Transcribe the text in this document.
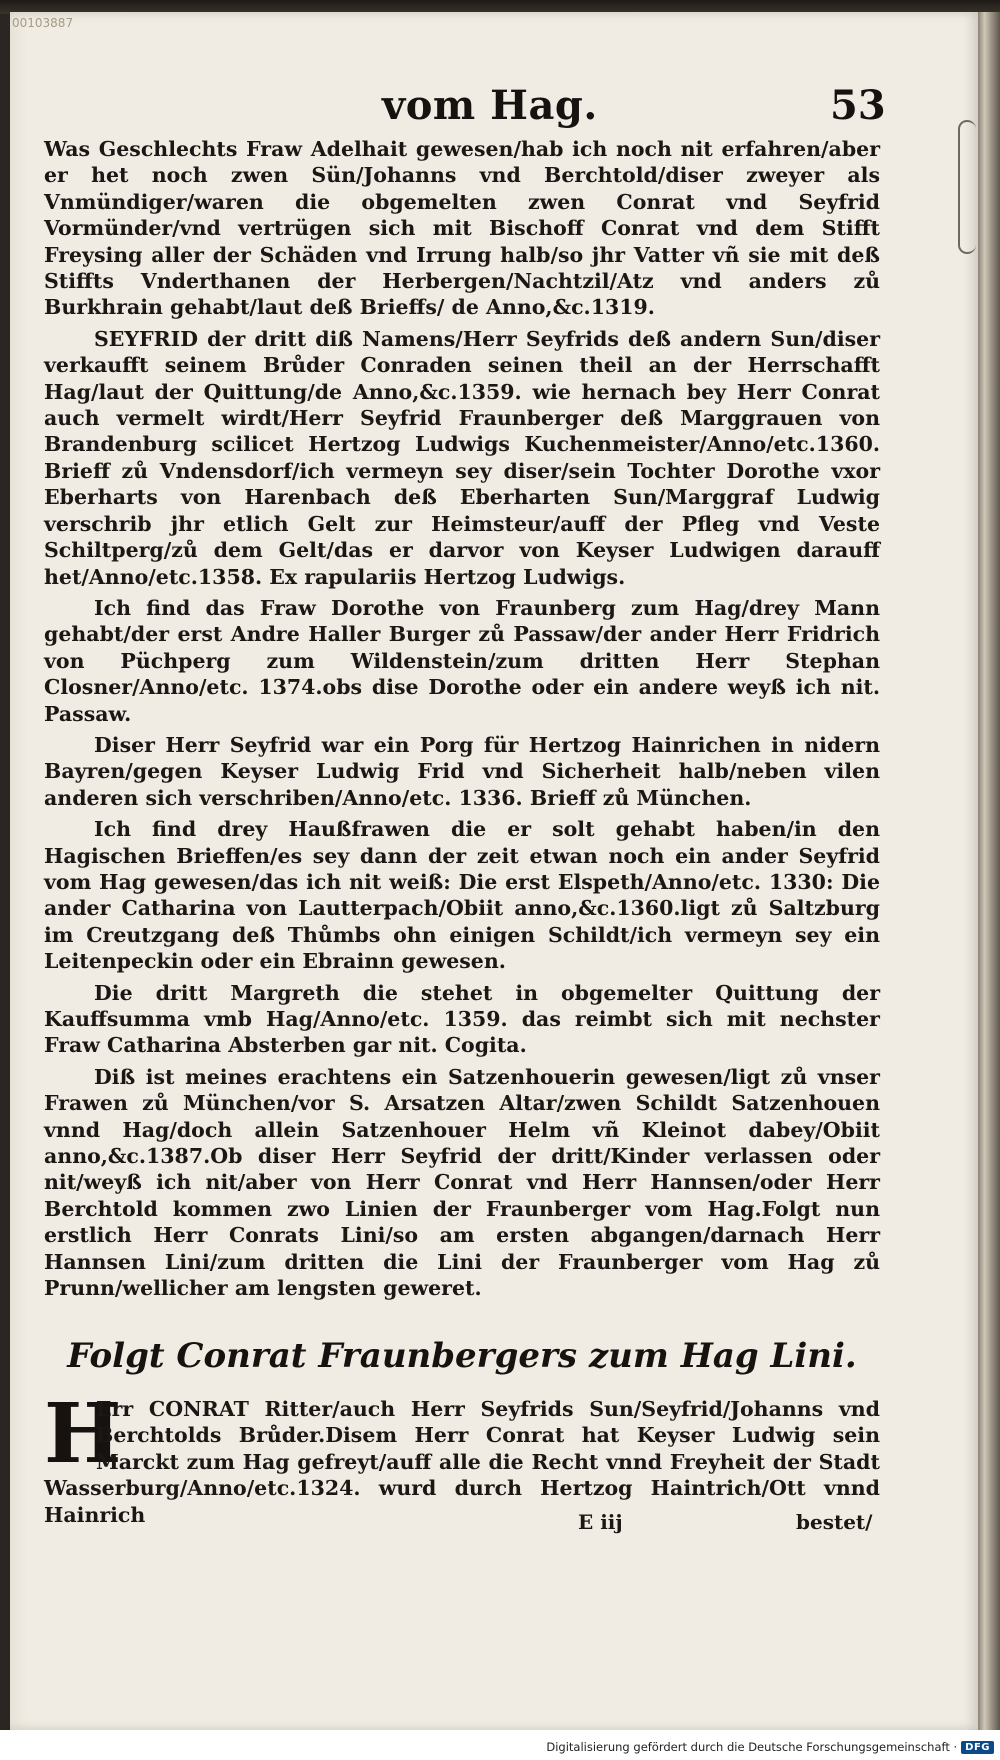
00103887
vom Hag.	53

Was Geschlechts Fraw Adelhait gewesen/hab ich noch nit erfahren/aber er het noch zwen Sün/Johanns vnd Berchtold/diser zweyer als Vnmündiger/waren die obgemelten zwen Conrat vnd Seyfrid Vormünder/vnd vertrügen sich mit Bischoff Conrat vnd dem Stifft Freysing aller der Schäden vnd Irrung halb/so jhr Vatter vñ sie mit deß Stiffts Vnderthanen der Herbergen/Nachtzil/Atz vnd anders zů Burkhrain gehabt/laut deß Brieffs/ de Anno,&c.1319.

SEYFRID der dritt diß Namens/Herr Seyfrids deß andern Sun/diser verkaufft seinem Brůder Conraden seinen theil an der Herrschafft Hag/laut der Quittung/de Anno,&c.1359. wie hernach bey Herr Conrat auch vermelt wirdt/Herr Seyfrid Fraunberger deß Marggrauen von Brandenburg scilicet Hertzog Ludwigs Kuchenmeister/Anno/etc.1360. Brieff zů Vndensdorf/ich vermeyn sey diser/sein Tochter Dorothe vxor Eberharts von Harenbach deß Eberharten Sun/Marggraf Ludwig verschrib jhr etlich Gelt zur Heimsteur/auff der Pfleg vnd Veste Schiltperg/zů dem Gelt/das er darvor von Keyser Ludwigen darauff het/Anno/etc.1358. Ex rapulariis Hertzog Ludwigs.

Ich find das Fraw Dorothe von Fraunberg zum Hag/drey Mann gehabt/der erst Andre Haller Burger zů Passaw/der ander Herr Fridrich von Püchperg zum Wildenstein/zum dritten Herr Stephan Closner/Anno/etc. 1374.obs dise Dorothe oder ein andere weyß ich nit. Passaw.

Diser Herr Seyfrid war ein Porg für Hertzog Hainrichen in nidern Bayren/gegen Keyser Ludwig Frid vnd Sicherheit halb/neben vilen anderen sich verschriben/Anno/etc. 1336. Brieff zů München.

Ich find drey Haußfrawen die er solt gehabt haben/in den Hagischen Brieffen/es sey dann der zeit etwan noch ein ander Seyfrid vom Hag gewesen/das ich nit weiß: Die erst Elspeth/Anno/etc. 1330: Die ander Catharina von Lautterpach/Obiit anno,&c.1360.ligt zů Saltzburg im Creutzgang deß Thůmbs ohn einigen Schildt/ich vermeyn sey ein Leitenpeckin oder ein Ebrainn gewesen.

Die dritt Margreth die stehet in obgemelter Quittung der Kauffsumma vmb Hag/Anno/etc. 1359. das reimbt sich mit nechster Fraw Catharina Absterben gar nit. Cogita.

Diß ist meines erachtens ein Satzenhouerin gewesen/ligt zů vnser Frawen zů München/vor S. Arsatzen Altar/zwen Schildt Satzenhouen vnnd Hag/doch allein Satzenhouer Helm vñ Kleinot dabey/Obiit anno,&c.1387.Ob diser Herr Seyfrid der dritt/Kinder verlassen oder nit/weyß ich nit/aber von Herr Conrat vnd Herr Hannsen/oder Herr Berchtold kommen zwo Linien der Fraunberger vom Hag.Folgt nun erstlich Herr Conrats Lini/so am ersten abgangen/darnach Herr Hannsen Lini/zum dritten die Lini der Fraunberger vom Hag zů Prunn/wellicher am lengsten geweret.

Folgt Conrat Fraunbergers zum Hag Lini.
H
Err CONRAT Ritter/auch Herr Seyfrids Sun/Seyfrid/Johanns vnd Berchtolds Brůder.Disem Herr Conrat hat Keyser Ludwig sein Marckt zum Hag gefreyt/auff alle die Recht vnnd Freyheit der Stadt Wasserburg/Anno/etc.1324. wurd durch Hertzog Haintrich/Ott vnnd Hainrich	E iij	bestet/
Digitalisierung gefördert durch die Deutsche Forschungsgemeinschaft · DFG
